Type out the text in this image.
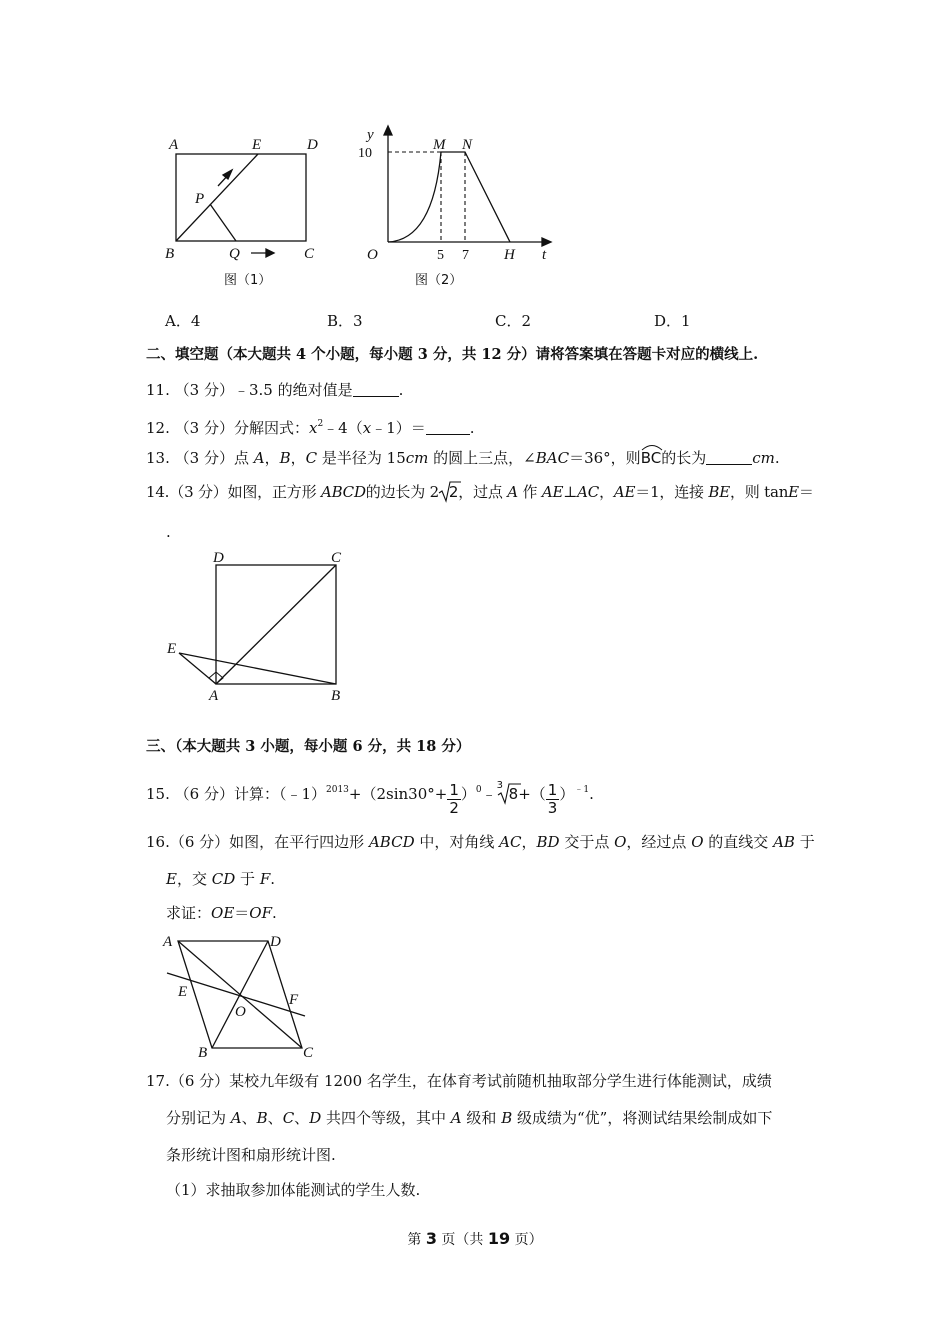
A	E	D
P
B	Q	C
图（1）
y
10
M N
O	5 7 H t
图（2）
A．4	B．3	C．2	D．1
二、填空题（本大题共 4 个小题，每小题 3 分，共 12 分）请将答案填在答题卡对应的横线上.
11. （3 分）﹣3.5 的绝对值是	.
12. （3 分）分解因式：$x^2﹣4(x﹣1)=$	.
13. （3 分）点 A，B，C 是半径为 15cm 的圆上三点，∠BAC＝36°，则
BC的长为	cm.
14.（3 分）如图，正方形 ABCD的边长为 2 2，过点 A 作 AE⊥AC，AE＝1，连接 BE，则 tanE＝
.
D	C
E
A	B
三、（本大题共 3 小题，每小题 6 分，共 18 分）
15. （6 分）计算：（﹣1）$^{2013}$+（2sin30°+ $\frac{1}{2}$ ）$^0$﹣ 3 $8+( \frac{1}{3} )^{﹣1}$.
16.（6 分）如图，在平行四边形 ABCD 中，对角线 AC，BD 交于点 O，经过点 O 的直线交 AB 于
E，交 CD 于 F.
求证：OE＝OF.
A	D
E	F
O
B	C
17.（6 分）某校九年级有 1200 名学生，在体育考试前随机抽取部分学生进行体能测试，成绩
分别记为 A、B、C、D 共四个等级，其中 A 级和 B 级成绩为“优”，将测试结果绘制成如下
条形统计图和扇形统计图.
（1）求抽取参加体能测试的学生人数.
第 3 页（共 19 页）
